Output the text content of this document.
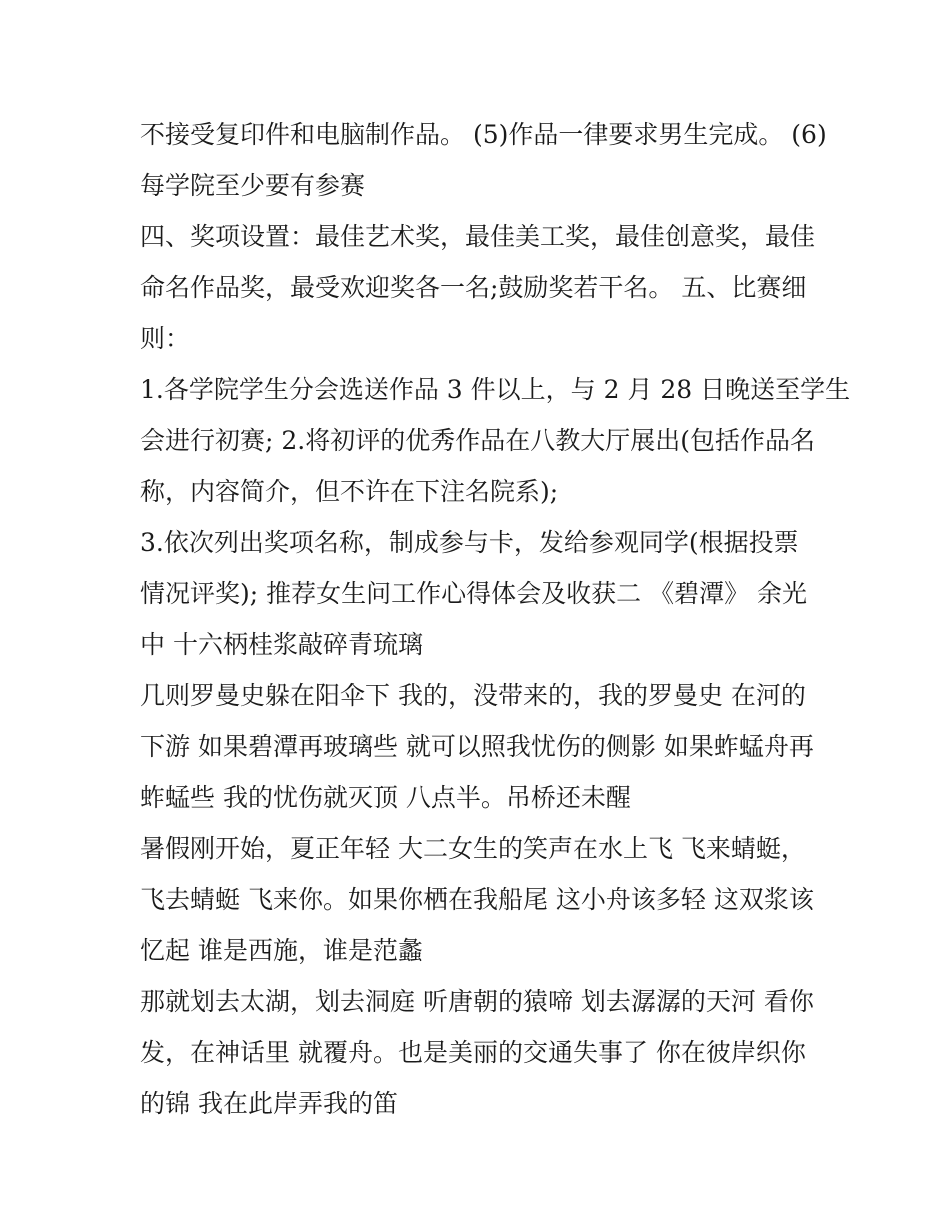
不接受复印件和电脑制作品。 (5)作品一律要求男生完成。 (6)
每学院至少要有参赛
四、奖项设置：最佳艺术奖，最佳美工奖，最佳创意奖，最佳
命名作品奖，最受欢迎奖各一名;鼓励奖若干名。 五、比赛细
则：
1.各学院学生分会选送作品 3 件以上，与 2 月 28 日晚送至学生
会进行初赛; 2.将初评的优秀作品在八教大厅展出(包括作品名
称，内容简介，但不许在下注名院系);
3.依次列出奖项名称，制成参与卡，发给参观同学(根据投票
情况评奖); 推荐女生问工作心得体会及收获二 《碧潭》 余光
中 十六柄桂浆敲碎青琉璃
几则罗曼史躲在阳伞下 我的，没带来的，我的罗曼史 在河的
下游 如果碧潭再玻璃些 就可以照我忧伤的侧影 如果蚱蜢舟再
蚱蜢些 我的忧伤就灭顶 八点半。吊桥还未醒
暑假刚开始，夏正年轻 大二女生的笑声在水上飞 飞来蜻蜓，
飞去蜻蜓 飞来你。如果你栖在我船尾 这小舟该多轻 这双浆该
忆起 谁是西施，谁是范蠡
那就划去太湖，划去洞庭 听唐朝的猿啼 划去潺潺的天河 看你
发，在神话里 就覆舟。也是美丽的交通失事了 你在彼岸织你
的锦 我在此岸弄我的笛
